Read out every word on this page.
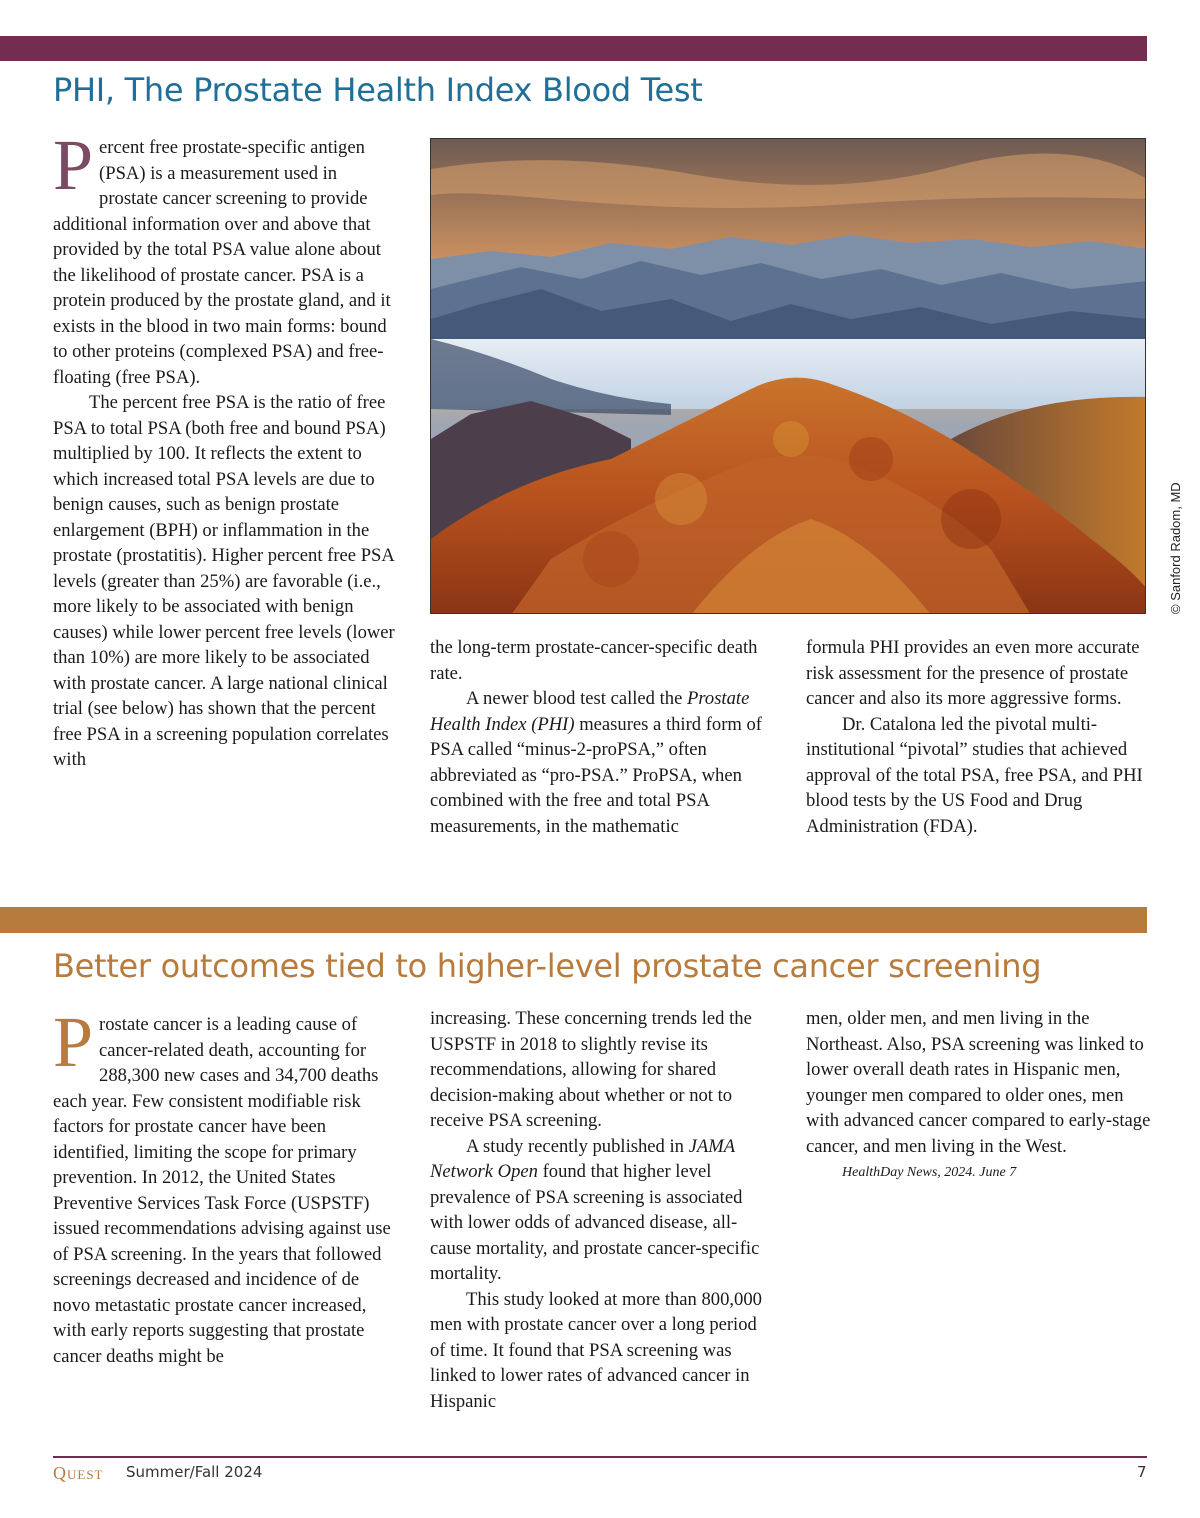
PHI, The Prostate Health Index Blood Test

Percent free prostate-specific antigen (PSA) is a measurement used in prostate cancer screening to provide additional information over and above that provided by the total PSA value alone about the likelihood of prostate cancer. PSA is a protein produced by the prostate gland, and it exists in the blood in two main forms: bound to other proteins (complexed PSA) and free-floating (free PSA).

The percent free PSA is the ratio of free PSA to total PSA (both free and bound PSA) multiplied by 100. It reflects the extent to which increased total PSA levels are due to benign causes, such as benign prostate enlargement (BPH) or inflammation in the prostate (prostatitis). Higher percent free PSA levels (greater than 25%) are favorable (i.e., more likely to be associated with benign causes) while lower percent free levels (lower than 10%) are more likely to be associated with prostate cancer. A large national clinical trial (see below) has shown that the percent free PSA in a screening population correlates with

© Sanford Radom, MD

the long-term prostate-cancer-specific death rate.

A newer blood test called the Prostate Health Index (PHI) measures a third form of PSA called “minus-2-proPSA,” often abbreviated as “pro-PSA.” ProPSA, when combined with the free and total PSA measurements, in the mathematic

formula PHI provides an even more accurate risk assessment for the presence of prostate cancer and also its more aggressive forms.

Dr. Catalona led the pivotal multi-institutional “pivotal” studies that achieved approval of the total PSA, free PSA, and PHI blood tests by the US Food and Drug Administration (FDA).

Better outcomes tied to higher-level prostate cancer screening

Prostate cancer is a leading cause of cancer-related death, accounting for 288,300 new cases and 34,700 deaths each year. Few consistent modifiable risk factors for prostate cancer have been identified, limiting the scope for primary prevention. In 2012, the United States Preventive Services Task Force (USPSTF) issued recommendations advising against use of PSA screening. In the years that followed screenings decreased and incidence of de novo metastatic prostate cancer increased, with early reports suggesting that prostate cancer deaths might be

increasing. These concerning trends led the USPSTF in 2018 to slightly revise its recommendations, allowing for shared decision-making about whether or not to receive PSA screening.

A study recently published in JAMA Network Open found that higher level prevalence of PSA screening is associated with lower odds of advanced disease, all-cause mortality, and prostate cancer-specific mortality.

This study looked at more than 800,000 men with prostate cancer over a long period of time. It found that PSA screening was linked to lower rates of advanced cancer in Hispanic

men, older men, and men living in the Northeast. Also, PSA screening was linked to lower overall death rates in Hispanic men, younger men compared to older ones, men with advanced cancer compared to early-stage cancer, and men living in the West.

HealthDay News, 2024. June 7

QUEST Summer/Fall 2024	7
